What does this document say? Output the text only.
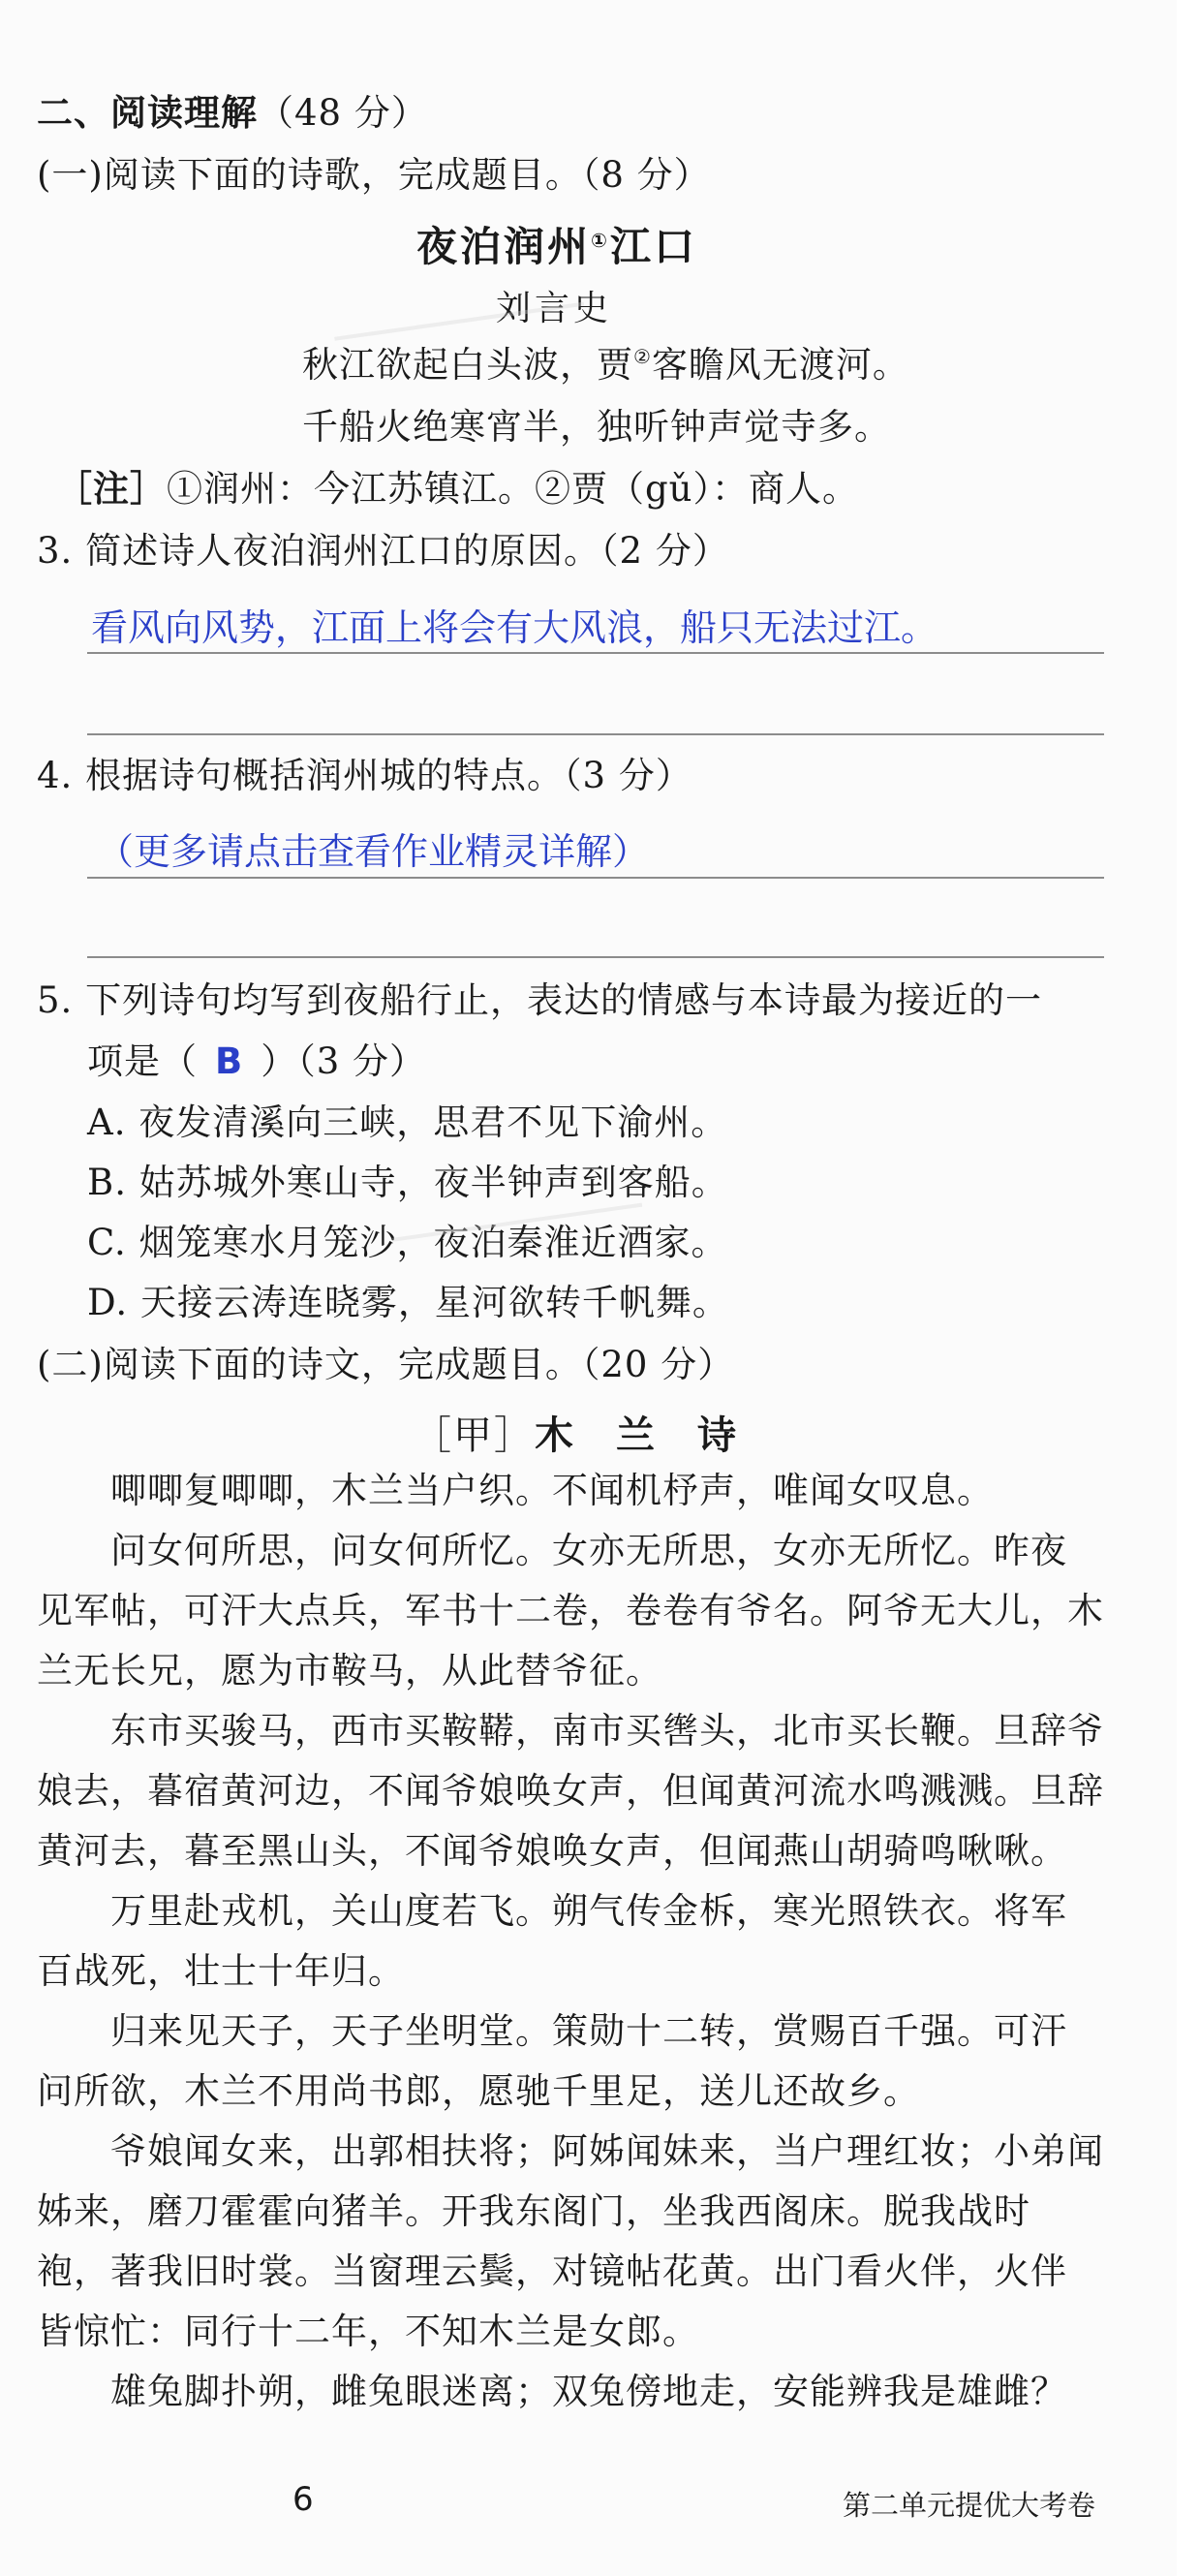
二、阅读理解（48 分）
(一)阅读下面的诗歌，完成题目。（8 分）
夜泊润州①江口
刘言史
秋江欲起白头波，贾②客瞻风无渡河。
千船火绝寒宵半，独听钟声觉寺多。
［注］①润州：今江苏镇江。②贾（gǔ）：商人。
3. 简述诗人夜泊润州江口的原因。（2 分）
看风向风势，江面上将会有大风浪，船只无法过江。
4. 根据诗句概括润州城的特点。（3 分）
（更多请点击查看作业精灵详解）
5. 下列诗句均写到夜船行止，表达的情感与本诗最为接近的一
项是（ B ）（3 分）
A. 夜发清溪向三峡，思君不见下渝州。
B. 姑苏城外寒山寺，夜半钟声到客船。
C. 烟笼寒水月笼沙，夜泊秦淮近酒家。
D. 天接云涛连晓雾，星河欲转千帆舞。
(二)阅读下面的诗文，完成题目。（20 分）
［甲］木　兰　诗
　　唧唧复唧唧，木兰当户织。不闻机杼声，唯闻女叹息。
　　问女何所思，问女何所忆。女亦无所思，女亦无所忆。昨夜
见军帖，可汗大点兵，军书十二卷，卷卷有爷名。阿爷无大儿，木
兰无长兄，愿为市鞍马，从此替爷征。
　　东市买骏马，西市买鞍鞯，南市买辔头，北市买长鞭。旦辞爷
娘去，暮宿黄河边，不闻爷娘唤女声，但闻黄河流水鸣溅溅。旦辞
黄河去，暮至黑山头，不闻爷娘唤女声，但闻燕山胡骑鸣啾啾。
　　万里赴戎机，关山度若飞。朔气传金柝，寒光照铁衣。将军
百战死，壮士十年归。
　　归来见天子，天子坐明堂。策勋十二转，赏赐百千强。可汗
问所欲，木兰不用尚书郎，愿驰千里足，送儿还故乡。
　　爷娘闻女来，出郭相扶将；阿姊闻妹来，当户理红妆；小弟闻
姊来，磨刀霍霍向猪羊。开我东阁门，坐我西阁床。脱我战时
袍，著我旧时裳。当窗理云鬓，对镜帖花黄。出门看火伴，火伴
皆惊忙：同行十二年，不知木兰是女郎。
　　雄兔脚扑朔，雌兔眼迷离；双兔傍地走，安能辨我是雄雌？
6	第二单元提优大考卷
